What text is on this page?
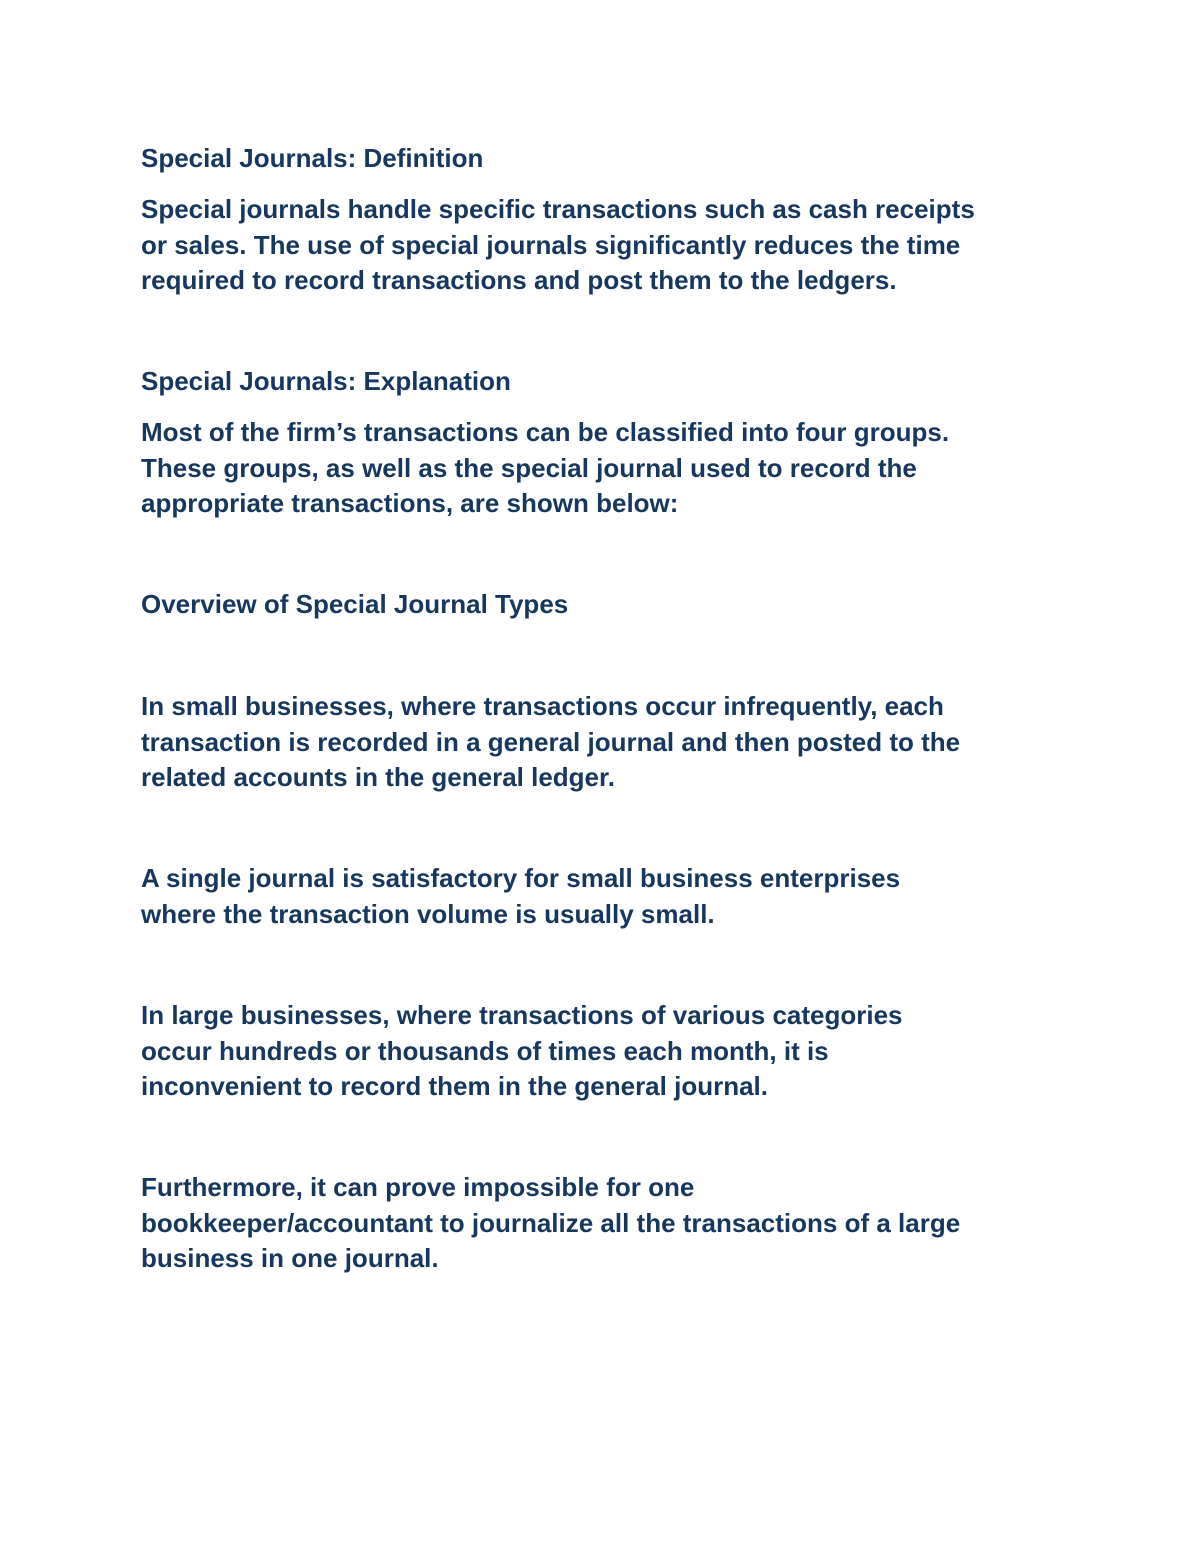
Special Journals: Definition

Special journals handle specific transactions such as cash receipts
or sales. The use of special journals significantly reduces the time
required to record transactions and post them to the ledgers.

Special Journals: Explanation

Most of the firm’s transactions can be classified into four groups.
These groups, as well as the special journal used to record the
appropriate transactions, are shown below:

Overview of Special Journal Types

In small businesses, where transactions occur infrequently, each
transaction is recorded in a general journal and then posted to the
related accounts in the general ledger.

A single journal is satisfactory for small business enterprises
where the transaction volume is usually small.

In large businesses, where transactions of various categories
occur hundreds or thousands of times each month, it is
inconvenient to record them in the general journal.

Furthermore, it can prove impossible for one
bookkeeper/accountant to journalize all the transactions of a large
business in one journal.
